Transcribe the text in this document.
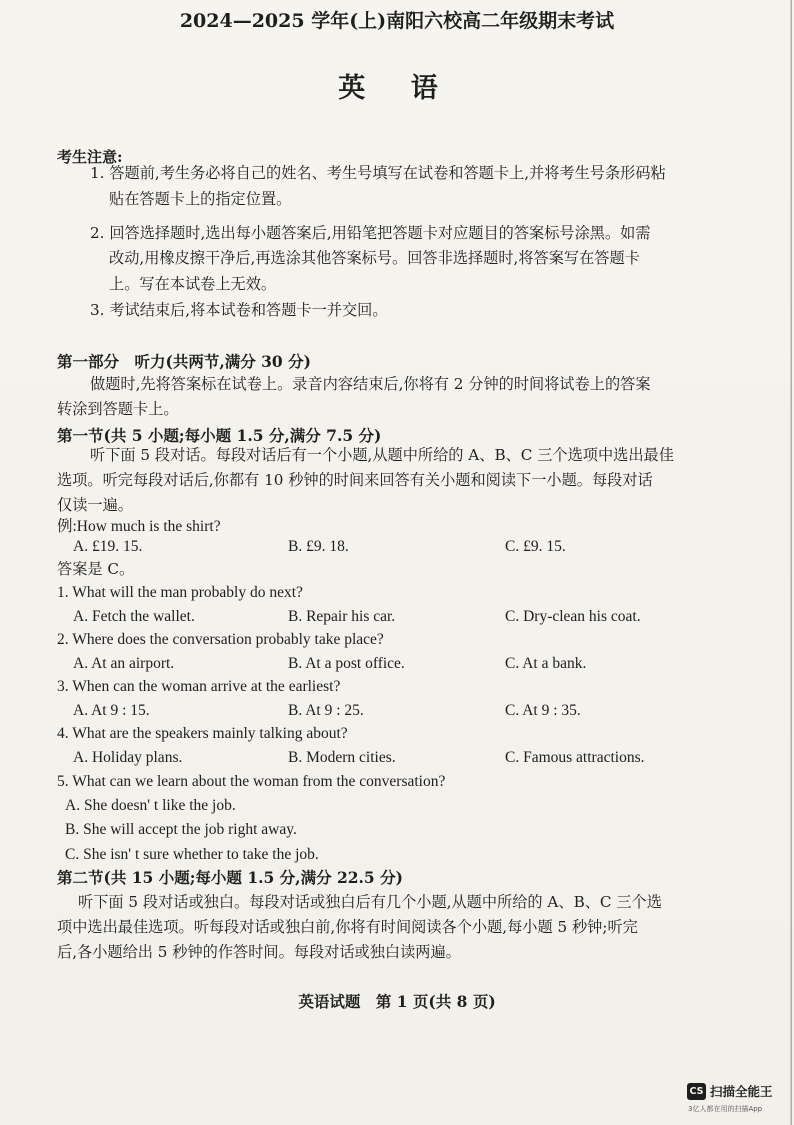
2024—2025 学年(上)南阳六校高二年级期末考试
英 语
考生注意:
1. 答题前,考生务必将自己的姓名、考生号填写在试卷和答题卡上,并将考生号条形码粘
贴在答题卡上的指定位置。
2. 回答选择题时,选出每小题答案后,用铅笔把答题卡对应题目的答案标号涂黑。如需
改动,用橡皮擦干净后,再选涂其他答案标号。回答非选择题时,将答案写在答题卡
上。写在本试卷上无效。
3. 考试结束后,将本试卷和答题卡一并交回。
第一部分　听力(共两节,满分 30 分)
做题时,先将答案标在试卷上。录音内容结束后,你将有 2 分钟的时间将试卷上的答案
转涂到答题卡上。
第一节(共 5 小题;每小题 1.5 分,满分 7.5 分)
听下面 5 段对话。每段对话后有一个小题,从题中所给的 A、B、C 三个选项中选出最佳
选项。听完每段对话后,你都有 10 秒钟的时间来回答有关小题和阅读下一小题。每段对话
仅读一遍。
例:How much is the shirt?
A. £19. 15.	B. £9. 18.	C. £9. 15.
答案是 C。
1. What will the man probably do next?
A. Fetch the wallet.	B. Repair his car.	C. Dry-clean his coat.
2. Where does the conversation probably take place?
A. At an airport.	B. At a post office.	C. At a bank.
3. When can the woman arrive at the earliest?
A. At 9 : 15.	B. At 9 : 25.	C. At 9 : 35.
4. What are the speakers mainly talking about?
A. Holiday plans.	B. Modern cities.	C. Famous attractions.
5. What can we learn about the woman from the conversation?
A. She doesn' t like the job.
B. She will accept the job right away.
C. She isn' t sure whether to take the job.
第二节(共 15 小题;每小题 1.5 分,满分 22.5 分)
听下面 5 段对话或独白。每段对话或独白后有几个小题,从题中所给的 A、B、C 三个选
项中选出最佳选项。听每段对话或独白前,你将有时间阅读各个小题,每小题 5 秒钟;听完
后,各小题给出 5 秒钟的作答时间。每段对话或独白读两遍。
英语试题　第 1 页(共 8 页)
CS 扫描全能王
3亿人都在用的扫描App
